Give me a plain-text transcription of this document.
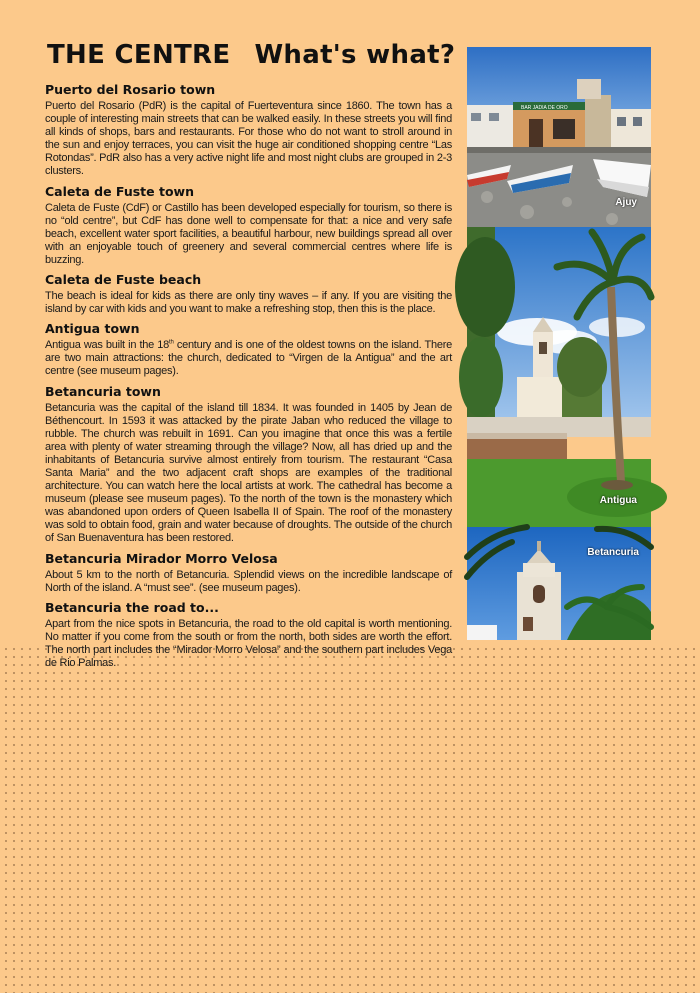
THE CENTRE What's what?
Puerto del Rosario town

Puerto del Rosario (PdR) is the capital of Fuerteventura since 1860. The town has a couple of interesting main streets that can be walked easily. In these streets you will find all kinds of shops, bars and restaurants. For those who do not want to stroll around in the sun and enjoy terraces, you can visit the huge air conditioned shopping centre “Las Rotondas”. PdR also has a very active night life and most night clubs are grouped in 2-3 clusters.

Caleta de Fuste town

Caleta de Fuste (CdF) or Castillo has been developed especially for tourism, so there is no “old centre”, but CdF has done well to compensate for that: a nice and very safe beach, excellent water sport facilities, a beautiful harbour, new buildings spread all over with an enjoyable touch of greenery and several commercial centres where life is buzzing.

Caleta de Fuste beach

The beach is ideal for kids as there are only tiny waves – if any. If you are visiting the island by car with kids and you want to make a refreshing stop, then this is the place.

Antigua town

Antigua was built in the 18th century and is one of the oldest towns on the island. There are two main attractions: the church, dedicated to “Virgen de la Antigua” and the art centre (see museum pages).

Betancuria town

Betancuria was the capital of the island till 1834. It was founded in 1405 by Jean de Béthencourt. In 1593 it was attacked by the pirate Jaban who reduced the village to rubble. The church was rebuilt in 1691. Can you imagine that once this was a fertile area with plenty of water streaming through the village? Now, all has dried up and the inhabitants of Betancuria survive almost entirely from tourism. The restaurant “Casa Santa Maria” and the two adjacent craft shops are examples of the traditional architecture. You can watch here the local artists at work. The cathedral has become a museum (please see museum pages). To the north of the town is the monastery which was abandoned upon orders of Queen Isabella II of Spain. The roof of the monastery was sold to obtain food, grain and water because of droughts. The outside of the church of San Buenaventura has been restored.

Betancuria Mirador Morro Velosa

About 5 km to the north of Betancuria. Splendid views on the incredible landscape of North of the island. A “must see”. (see museum pages).

Betancuria the road to...

Apart from the nice spots in Betancuria, the road to the old capital is worth mentioning. No matter if you come from the south or from the north, both sides are worth the effort. The north part includes the “Mirador Morro Velosa” and the southern part includes Vega de Rio Palmas.

BAR JADIA DE ORO
Ajuy
Antigua
Betancuria
